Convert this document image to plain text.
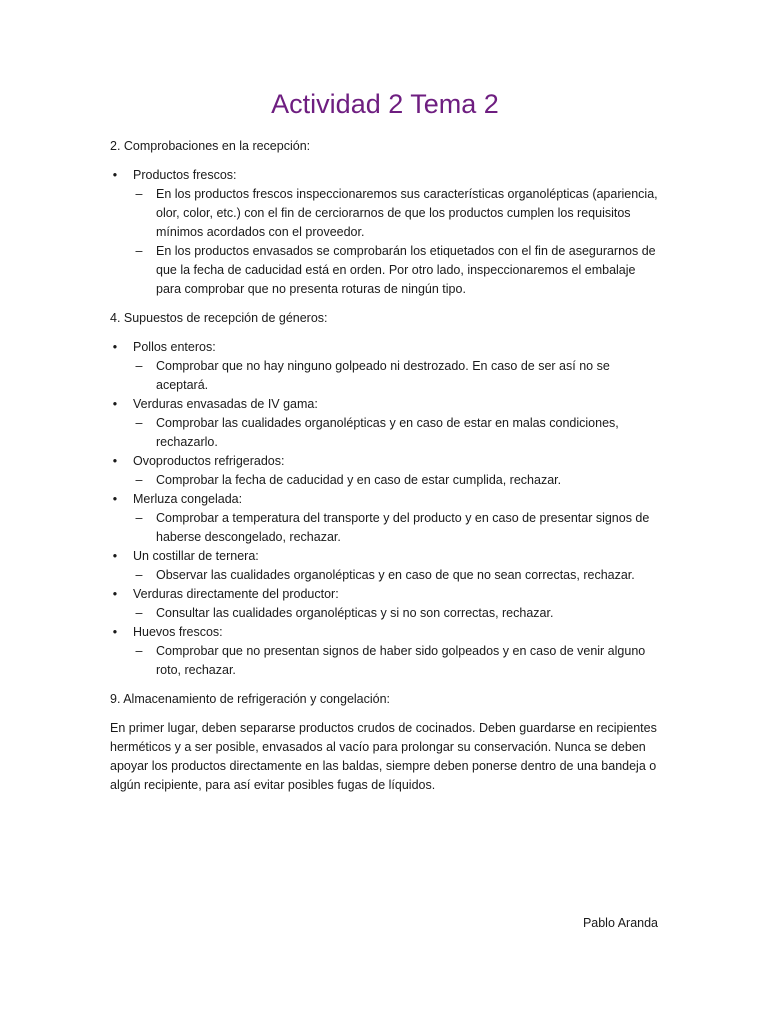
Actividad 2 Tema 2

2. Comprobaciones en la recepción:

• Productos frescos:
– En los productos frescos inspeccionaremos sus características organolépticas (apariencia, olor, color, etc.) con el fin de cerciorarnos de que los productos cumplen los requisitos mínimos acordados con el proveedor.
– En los productos envasados se comprobarán los etiquetados con el fin de asegurarnos de que la fecha de caducidad está en orden. Por otro lado, inspeccionaremos el embalaje para comprobar que no presenta roturas de ningún tipo.

4. Supuestos de recepción de géneros:

• Pollos enteros:
– Comprobar que no hay ninguno golpeado ni destrozado. En caso de ser así no se aceptará.
• Verduras envasadas de IV gama:
– Comprobar las cualidades organolépticas y en caso de estar en malas condiciones, rechazarlo.
• Ovoproductos refrigerados:
– Comprobar la fecha de caducidad y en caso de estar cumplida, rechazar.
• Merluza congelada:
– Comprobar a temperatura del transporte y del producto y en caso de presentar signos de haberse descongelado, rechazar.
• Un costillar de ternera:
– Observar las cualidades organolépticas y en caso de que no sean correctas, rechazar.
• Verduras directamente del productor:
– Consultar las cualidades organolépticas y si no son correctas, rechazar.
• Huevos frescos:
– Comprobar que no presentan signos de haber sido golpeados y en caso de venir alguno roto, rechazar.

9. Almacenamiento de refrigeración y congelación:

En primer lugar, deben separarse productos crudos de cocinados. Deben guardarse en recipientes herméticos y a ser posible, envasados al vacío para prolongar su conservación. Nunca se deben apoyar los productos directamente en las baldas, siempre deben ponerse dentro de una bandeja o algún recipiente, para así evitar posibles fugas de líquidos.

Pablo Aranda
